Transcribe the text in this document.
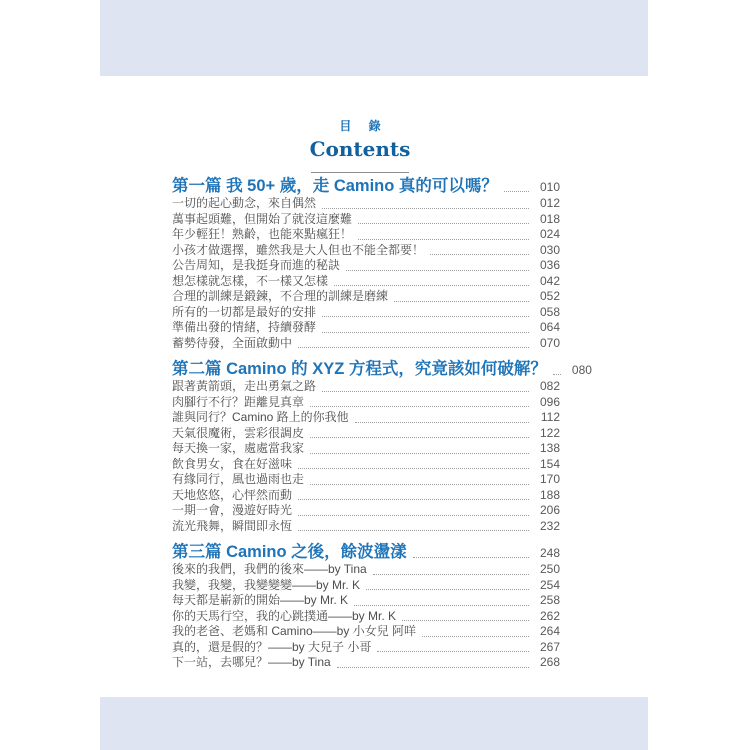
目 錄
Contents
第一篇 我 50+ 歲，走 Camino 真的可以嗎？	010
一切的起心動念，來自偶然	012
萬事起頭難，但開始了就沒這麼難	018
年少輕狂！熟齡，也能來點瘋狂！	024
小孩才做選擇，雖然我是大人但也不能全都要！	030
公告周知，是我挺身而進的秘訣	036
想怎樣就怎樣，不一樣又怎樣	042
合理的訓練是鍛鍊，不合理的訓練是磨練	052
所有的一切都是最好的安排	058
準備出發的情緒，持續發酵	064
蓄勢待發，全面啟動中	070
第二篇 Camino 的 XYZ 方程式，究竟該如何破解？	080
跟著黃箭頭，走出勇氣之路	082
肉腳行不行？距離見真章	096
誰與同行？Camino 路上的你我他	112
天氣很魔術，雲彩很調皮	122
每天換一家，處處當我家	138
飲食男女，食在好滋味	154
有緣同行，風也過雨也走	170
天地悠悠，心怦然而動	188
一期一會，漫遊好時光	206
流光飛舞，瞬間即永恆	232
第三篇 Camino 之後，餘波盪漾	248
後來的我們，我們的後來——by Tina	250
我變，我變，我變變變——by Mr. K	254
每天都是嶄新的開始——by Mr. K	258
你的天馬行空，我的心跳撲通——by Mr. K	262
我的老爸、老媽和 Camino——by 小女兒 阿咩	264
真的，還是假的？——by 大兒子 小哥	267
下一站，去哪兒？——by Tina	268
